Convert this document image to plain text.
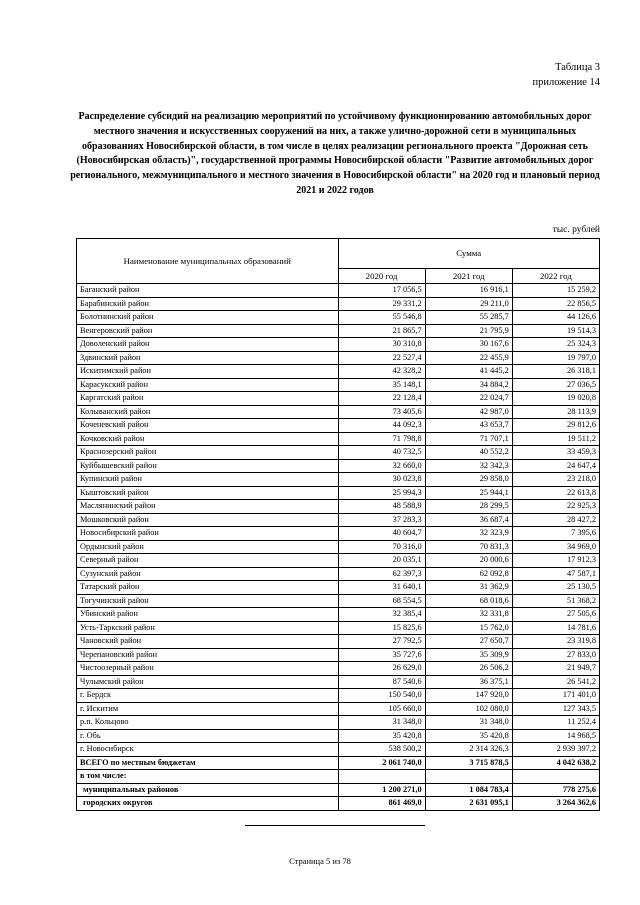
Таблица 3
приложение 14
Распределение субсидий на реализацию мероприятий по устойчивому функционированию автомобильных дорог местного значения и искусственных сооружений на них, а также улично-дорожной сети в муниципальных образованиях Новосибирской области, в том числе в целях реализации регионального проекта "Дорожная сеть (Новосибирская область)", государственной программы Новосибирской области "Развитие автомобильных дорог регионального, межмуниципального и местного значения в Новосибирской области" на 2020 год и плановый период 2021 и 2022 годов
тыс. рублей
Наименование муниципальных образований	Сумма		
	2020 год	2021 год	2022 год
Баганский район	17 056,5	16 916,1	15 259,2
Барабинский район	29 331,2	29 211,0	22 856,5
Болотнинский район	55 546,8	55 285,7	44 126,6
Венгеровский район	21 865,7	21 795,9	19 514,3
Доволенский район	30 310,8	30 167,6	25 324,3
Здвинский район	22 527,4	22 455,9	19 797,0
Искитимский район	42 328,2	41 445,2	26 318,1
Карасукский район	35 148,1	34 884,2	27 036,5
Каргатский район	22 128,4	22 024,7	19 020,8
Колыванский район	73 405,6	42 987,0	28 113,9
Коченевский район	44 092,3	43 653,7	29 812,6
Кочковский район	71 798,8	71 707,1	19 511,2
Краснозерский район	40 732,5	40 552,2	33 459,3
Куйбышевский район	32 660,0	32 342,3	24 647,4
Купинский район	30 023,8	29 858,0	23 218,0
Кыштовский район	25 994,3	25 944,1	22 613,8
Маслянинский район	48 588,9	28 299,5	22 925,3
Мошковский район	37 283,3	36 687,4	28 427,2
Новосибирский район	40 604,7	32 323,9	7 395,6
Ордынский район	70 316,0	70 831,3	34 969,0
Северный район	20 035,1	20 000,6	17 912,3
Сузунский район	62 397,3	62 092,8	47 587,1
Татарский район	31 640,1	31 362,9	25 130,5
Тогучинский район	68 554,5	68 018,6	51 368,2
Убинский район	32 385,4	32 331,8	27 505,6
Усть-Таркский район	15 825,6	15 762,0	14 781,6
Чановский район	27 792,5	27 650,7	23 319,8
Черепановский район	35 727,6	35 309,9	27 833,0
Чистоозерный район	26 629,0	26 506,2	21 949,7
Чулымский район	87 540,6	36 375,1	26 541,2
г. Бердск	150 540,0	147 920,0	171 401,0
г. Искитим	105 660,0	102 080,0	127 343,5
р.п. Кольцово	31 348,0	31 348,0	11 252,4
г. Обь	35 420,8	35 420,8	14 968,5
г. Новосибирск	538 500,2	2 314 326,3	2 939 397,2
ВСЕГО по местным бюджетам	2 061 740,0	3 715 878,5	4 042 638,2
в том числе:			
муниципальных районов	1 200 271,0	1 084 783,4	778 275,6
городских округов	861 469,0	2 631 095,1	3 264 362,6
Страница 5 из 78
